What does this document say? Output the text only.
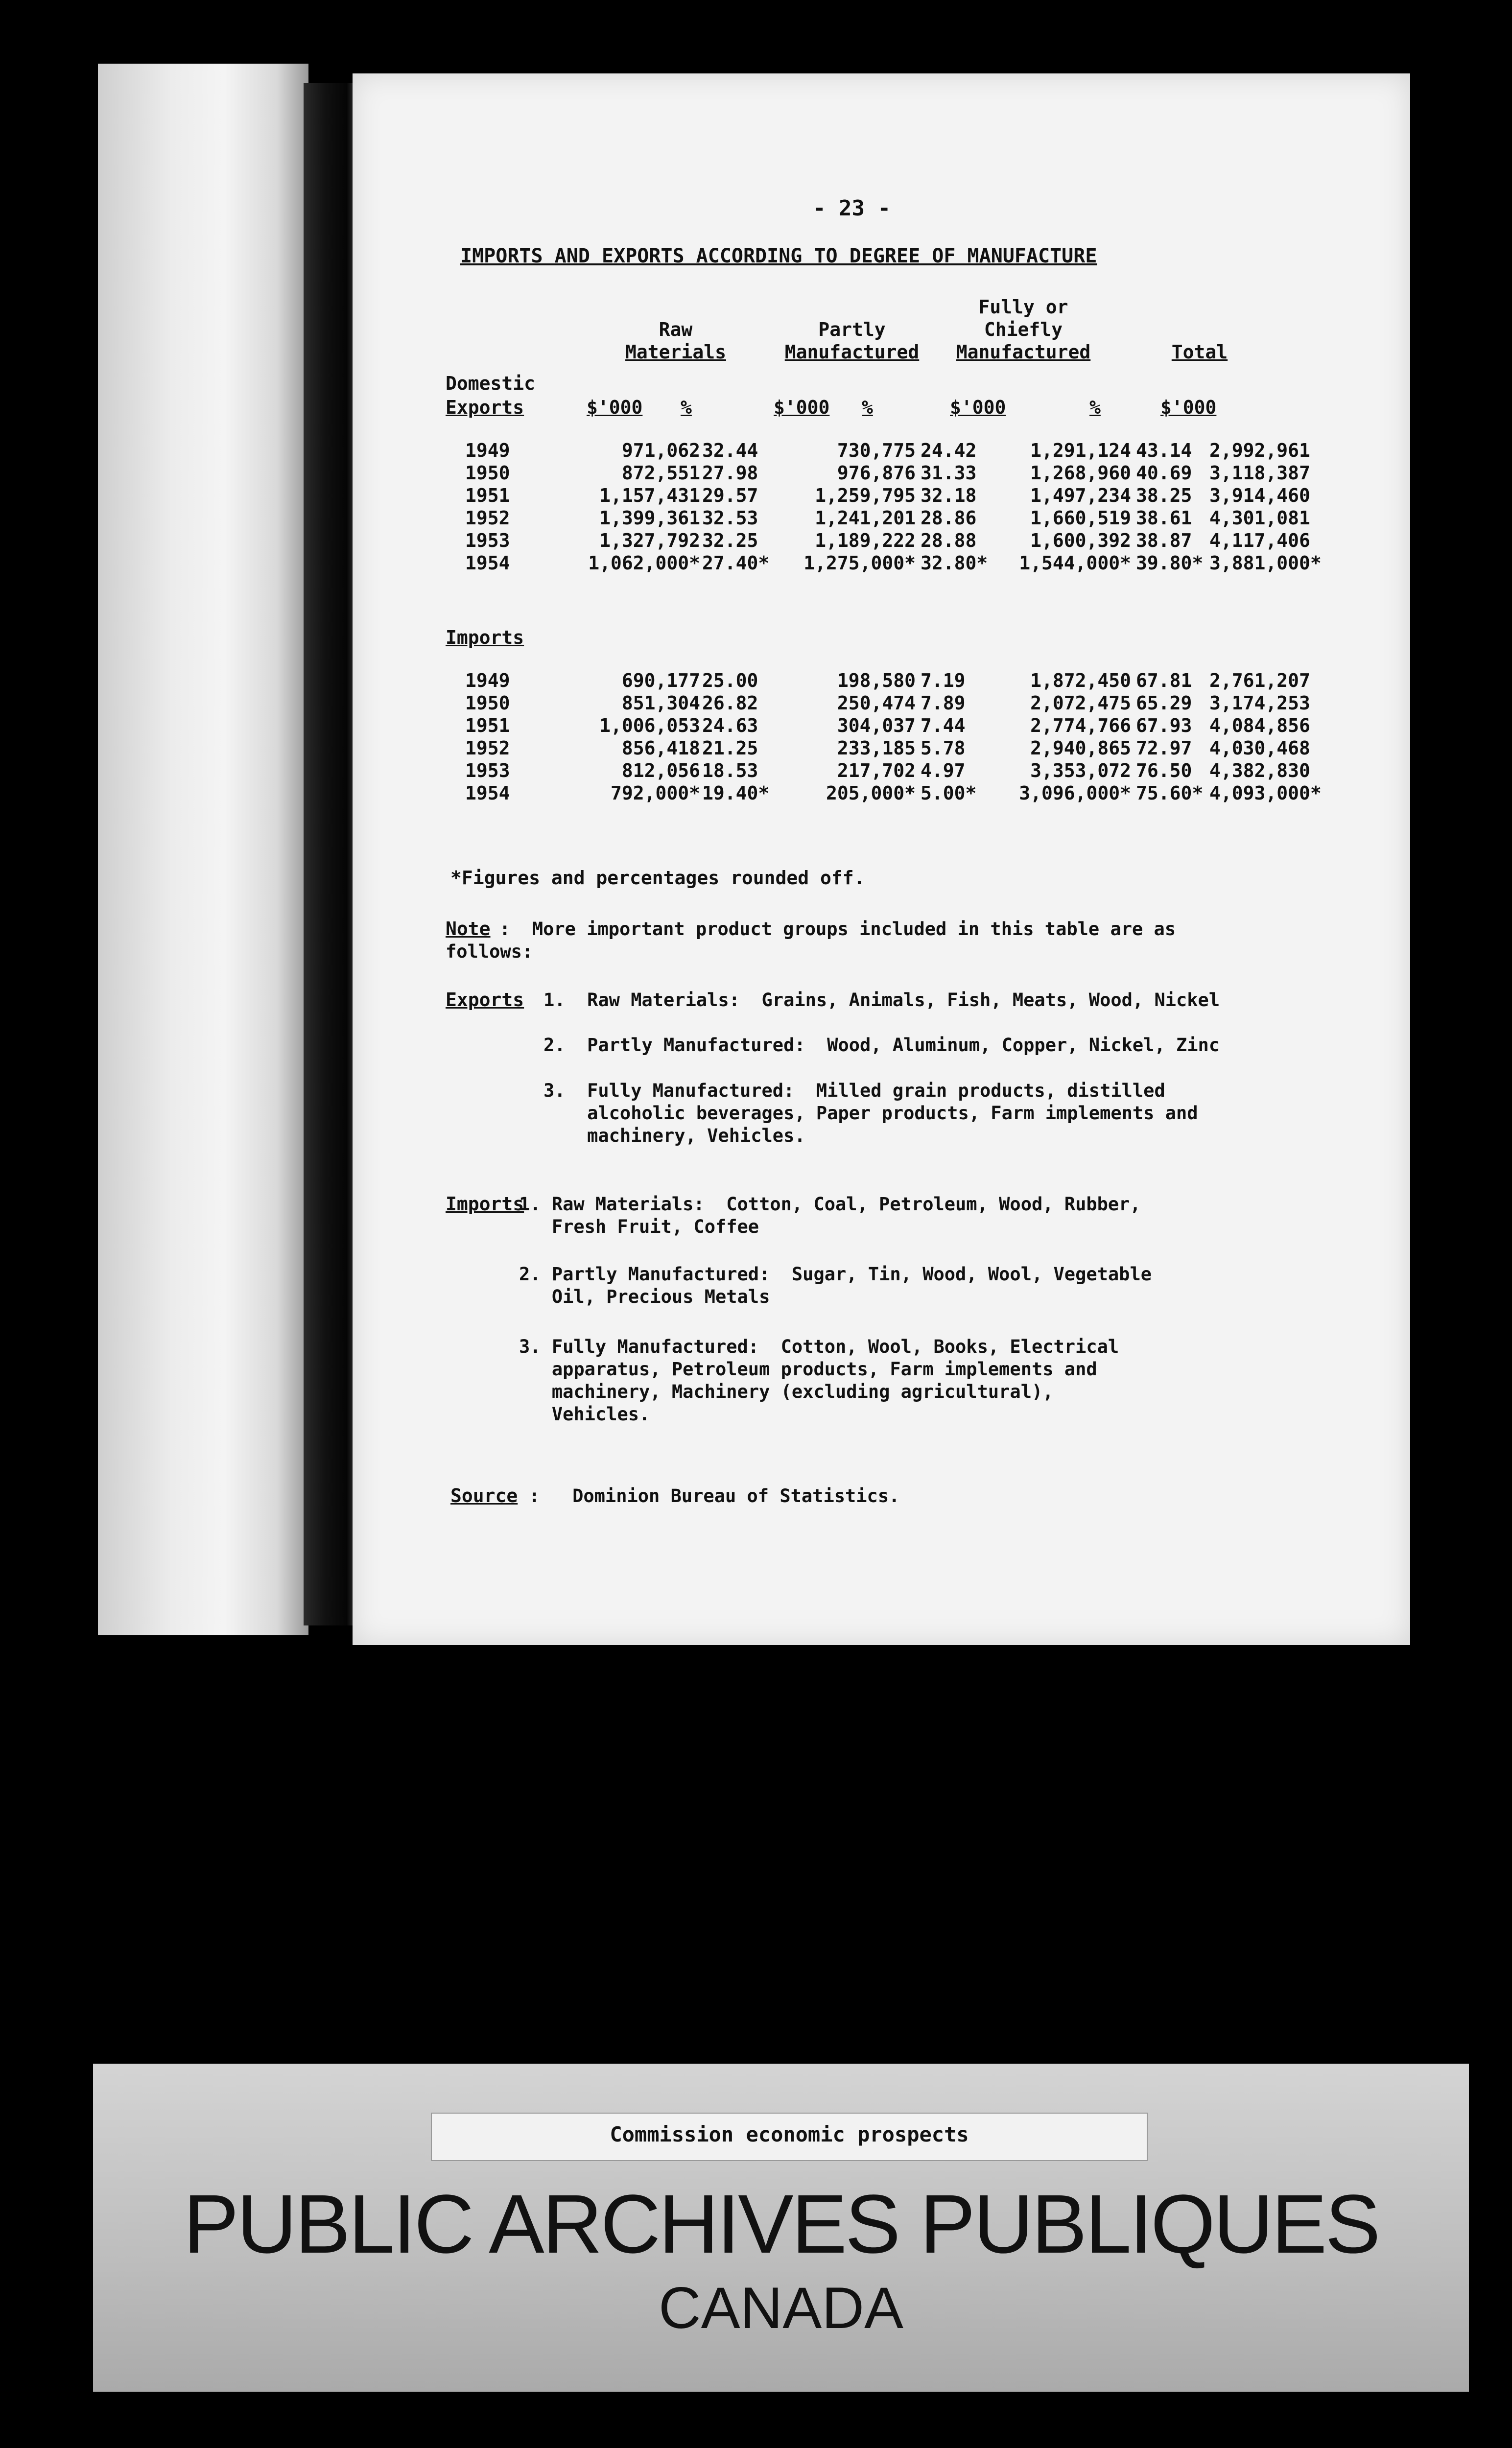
- 23 -
IMPORTS AND EXPORTS ACCORDING TO DEGREE OF MANUFACTURE
Raw
Materials
Partly
Manufactured
Fully or
Chiefly
Manufactured	Total
Domestic
Exports	$'000 %	$'000 %	$'000	%	$'000
1949	971,062 32.44	730,775 24.42	1,291,124 43.14 2,992,961
1950	872,551 27.98	976,876 31.33	1,268,960 40.69 3,118,387
1951	1,157,431 29.57	1,259,795 32.18	1,497,234 38.25 3,914,460
1952	1,399,361 32.53	1,241,201 28.86	1,660,519 38.61 4,301,081
1953	1,327,792 32.25	1,189,222 28.88	1,600,392 38.87 4,117,406
1954	1,062,000* 27.40*	1,275,000* 32.80*	1,544,000* 39.80* 3,881,000*
Imports
1949	690,177 25.00	198,580 7.19	1,872,450 67.81 2,761,207
1950	851,304 26.82	250,474 7.89	2,072,475 65.29 3,174,253
1951	1,006,053 24.63	304,037 7.44	2,774,766 67.93 4,084,856
1952	856,418 21.25	233,185 5.78	2,940,865 72.97 4,030,468
1953	812,056 18.53	217,702 4.97	3,353,072 76.50 4,382,830
1954	792,000* 19.40*	205,000* 5.00*	3,096,000* 75.60* 4,093,000*
*Figures and percentages rounded off.
Note :  More important product groups included in this table are as
follows:
Exports 1.  Raw Materials:  Grains, Animals, Fish, Meats, Wood, Nickel
2.  Partly Manufactured:  Wood, Aluminum, Copper, Nickel, Zinc
3.  Fully Manufactured:  Milled grain products, distilled
alcoholic beverages, Paper products, Farm implements and
machinery, Vehicles.
Imports
1. Raw Materials:  Cotton, Coal, Petroleum, Wood, Rubber,
Fresh Fruit, Coffee
2. Partly Manufactured:  Sugar, Tin, Wood, Wool, Vegetable
Oil, Precious Metals
3. Fully Manufactured:  Cotton, Wool, Books, Electrical
apparatus, Petroleum products, Farm implements and
machinery, Machinery (excluding agricultural),
Vehicles.
Source :   Dominion Bureau of Statistics.
Commission economic prospects
PUBLIC ARCHIVES PUBLIQUES
CANADA
